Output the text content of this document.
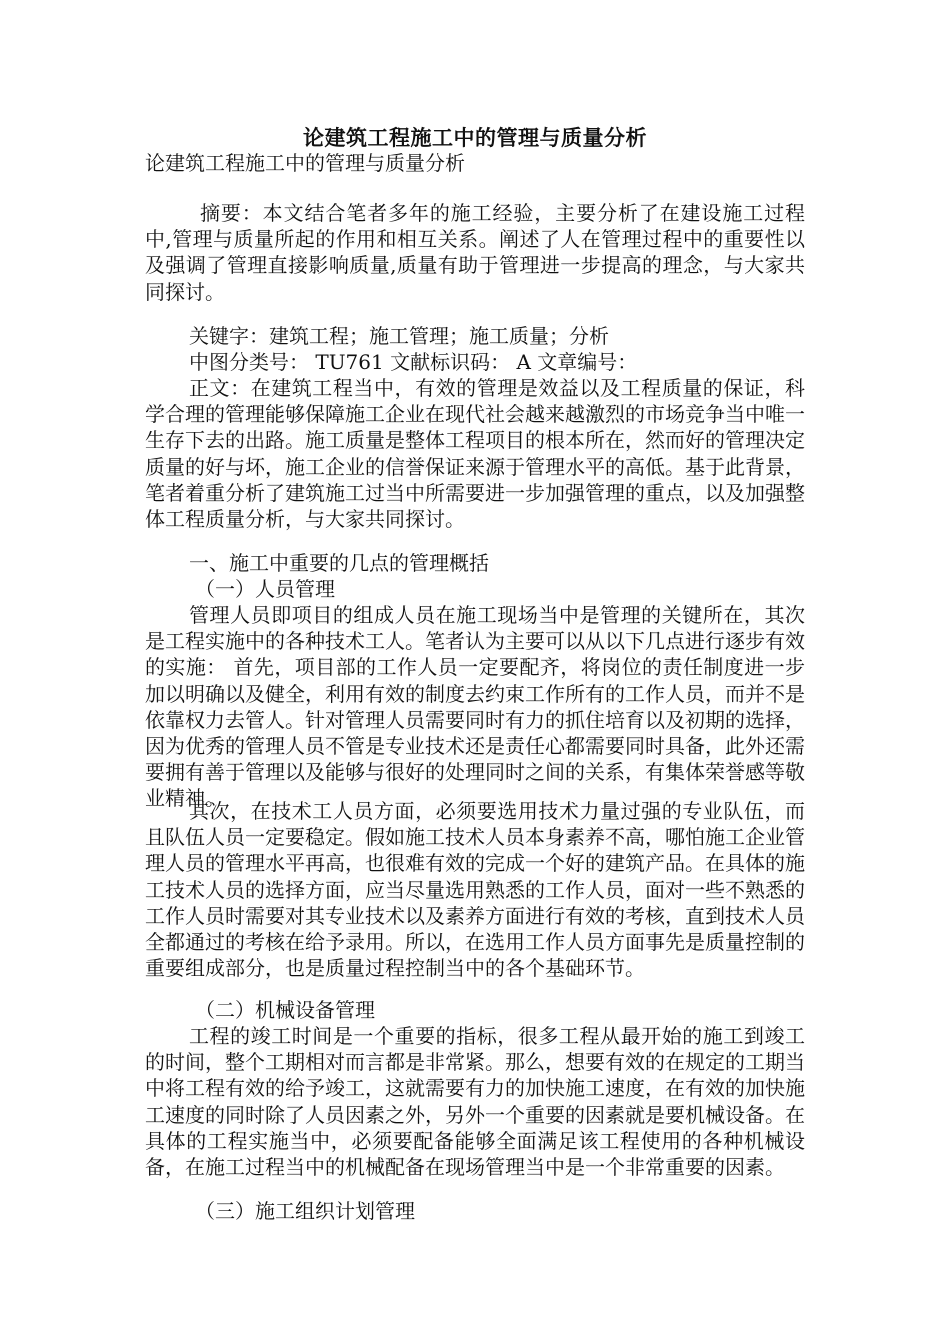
论建筑工程施工中的管理与质量分析
论建筑工程施工中的管理与质量分析
摘要：本文结合笔者多年的施工经验，主要分析了在建设施工过程中,管理与质量所起的作用和相互关系。阐述了人在管理过程中的重要性以及强调了管理直接影响质量,质量有助于管理进一步提高的理念，与大家共同探讨。
关键字：建筑工程；施工管理；施工质量；分析
中图分类号： TU761 文献标识码： A 文章编号：
正文：在建筑工程当中，有效的管理是效益以及工程质量的保证，科学合理的管理能够保障施工企业在现代社会越来越激烈的市场竞争当中唯一生存下去的出路。施工质量是整体工程项目的根本所在，然而好的管理决定质量的好与坏，施工企业的信誉保证来源于管理水平的高低。基于此背景，笔者着重分析了建筑施工过当中所需要进一步加强管理的重点，以及加强整体工程质量分析，与大家共同探讨。
一、施工中重要的几点的管理概括
（一）人员管理
管理人员即项目的组成人员在施工现场当中是管理的关键所在，其次是工程实施中的各种技术工人。笔者认为主要可以从以下几点进行逐步有效的实施： 首先，项目部的工作人员一定要配齐，将岗位的责任制度进一步加以明确以及健全，利用有效的制度去约束工作所有的工作人员，而并不是依靠权力去管人。针对管理人员需要同时有力的抓住培育以及初期的选择，因为优秀的管理人员不管是专业技术还是责任心都需要同时具备，此外还需要拥有善于管理以及能够与很好的处理同时之间的关系，有集体荣誉感等敬业精神。
其次，在技术工人员方面，必须要选用技术力量过强的专业队伍，而且队伍人员一定要稳定。假如施工技术人员本身素养不高，哪怕施工企业管理人员的管理水平再高，也很难有效的完成一个好的建筑产品。在具体的施工技术人员的选择方面，应当尽量选用熟悉的工作人员，面对一些不熟悉的工作人员时需要对其专业技术以及素养方面进行有效的考核，直到技术人员全都通过的考核在给予录用。所以，在选用工作人员方面事先是质量控制的重要组成部分，也是质量过程控制当中的各个基础环节。
（二）机械设备管理
工程的竣工时间是一个重要的指标，很多工程从最开始的施工到竣工的时间，整个工期相对而言都是非常紧。那么，想要有效的在规定的工期当中将工程有效的给予竣工，这就需要有力的加快施工速度，在有效的加快施工速度的同时除了人员因素之外，另外一个重要的因素就是要机械设备。在具体的工程实施当中，必须要配备能够全面满足该工程使用的各种机械设备，在施工过程当中的机械配备在现场管理当中是一个非常重要的因素。
（三）施工组织计划管理
